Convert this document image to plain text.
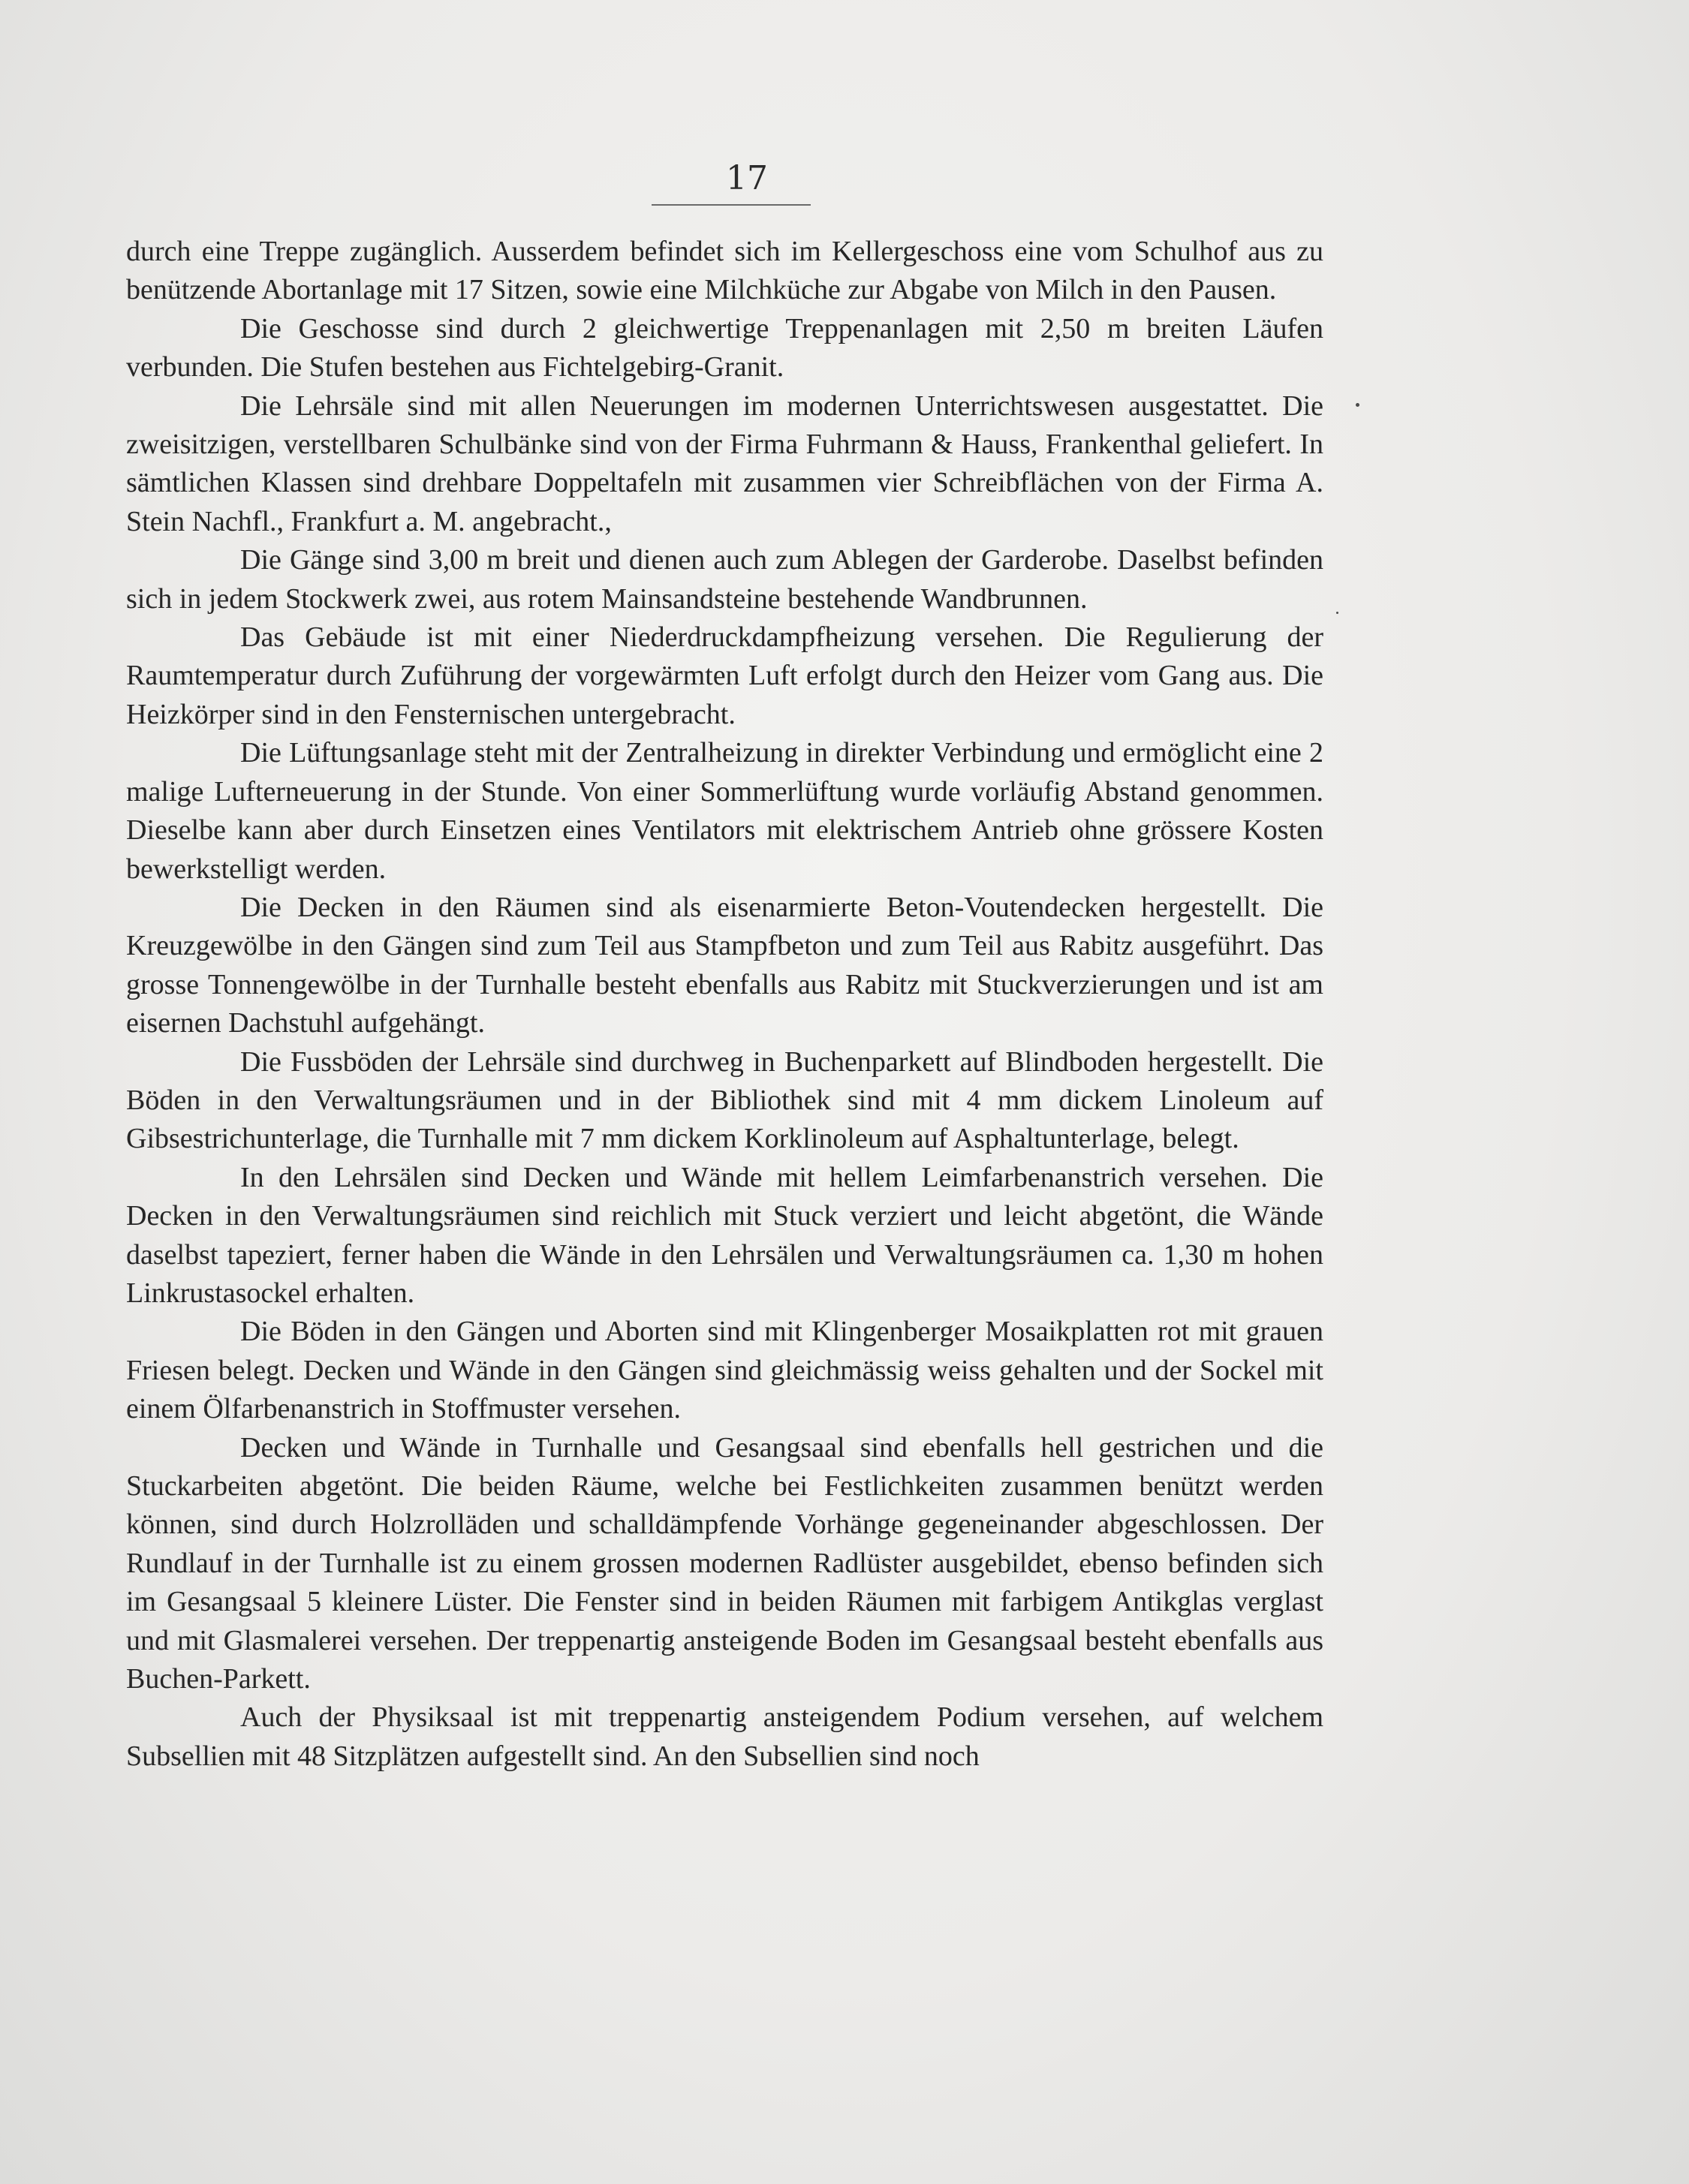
17

durch eine Treppe zugänglich. Ausserdem befindet sich im Kellergeschoss eine vom Schulhof aus zu benützende Abortanlage mit 17 Sitzen, sowie eine Milchküche zur Abgabe von Milch in den Pausen.

Die Geschosse sind durch 2 gleichwertige Treppenanlagen mit 2,50 m breiten Läufen verbunden. Die Stufen bestehen aus Fichtelgebirg-Granit.

Die Lehrsäle sind mit allen Neuerungen im modernen Unterrichtswesen ausgestattet. Die zweisitzigen, verstellbaren Schulbänke sind von der Firma Fuhrmann & Hauss, Frankenthal geliefert. In sämtlichen Klassen sind drehbare Doppeltafeln mit zusammen vier Schreibflächen von der Firma A. Stein Nachfl., Frankfurt a. M. angebracht.,

Die Gänge sind 3,00 m breit und dienen auch zum Ablegen der Garderobe. Daselbst befinden sich in jedem Stockwerk zwei, aus rotem Mainsandsteine bestehende Wandbrunnen.

Das Gebäude ist mit einer Niederdruckdampfheizung versehen. Die Regulierung der Raumtemperatur durch Zuführung der vorgewärmten Luft erfolgt durch den Heizer vom Gang aus. Die Heizkörper sind in den Fensternischen untergebracht.

Die Lüftungsanlage steht mit der Zentralheizung in direkter Verbindung und ermöglicht eine 2 malige Lufterneuerung in der Stunde. Von einer Sommerlüftung wurde vorläufig Abstand genommen. Dieselbe kann aber durch Einsetzen eines Ventilators mit elektrischem Antrieb ohne grössere Kosten bewerkstelligt werden.

Die Decken in den Räumen sind als eisenarmierte Beton-Voutendecken hergestellt. Die Kreuzgewölbe in den Gängen sind zum Teil aus Stampfbeton und zum Teil aus Rabitz ausgeführt. Das grosse Tonnengewölbe in der Turnhalle besteht ebenfalls aus Rabitz mit Stuckverzierungen und ist am eisernen Dachstuhl aufgehängt.

Die Fussböden der Lehrsäle sind durchweg in Buchenparkett auf Blindboden hergestellt. Die Böden in den Verwaltungsräumen und in der Bibliothek sind mit 4 mm dickem Linoleum auf Gibsestrichunterlage, die Turnhalle mit 7 mm dickem Korklinoleum auf Asphaltunterlage, belegt.

In den Lehrsälen sind Decken und Wände mit hellem Leimfarbenanstrich versehen. Die Decken in den Verwaltungsräumen sind reichlich mit Stuck verziert und leicht abgetönt, die Wände daselbst tapeziert, ferner haben die Wände in den Lehrsälen und Verwaltungsräumen ca. 1,30 m hohen Linkrustasockel erhalten.

Die Böden in den Gängen und Aborten sind mit Klingenberger Mosaikplatten rot mit grauen Friesen belegt. Decken und Wände in den Gängen sind gleichmässig weiss gehalten und der Sockel mit einem Ölfarbenanstrich in Stoffmuster versehen.

Decken und Wände in Turnhalle und Gesangsaal sind ebenfalls hell gestrichen und die Stuckarbeiten abgetönt. Die beiden Räume, welche bei Festlichkeiten zusammen benützt werden können, sind durch Holzrolläden und schalldämpfende Vorhänge gegeneinander abgeschlossen. Der Rundlauf in der Turnhalle ist zu einem grossen modernen Radlüster ausgebildet, ebenso befinden sich im Gesangsaal 5 kleinere Lüster. Die Fenster sind in beiden Räumen mit farbigem Antikglas verglast und mit Glasmalerei versehen. Der treppenartig ansteigende Boden im Gesangsaal besteht ebenfalls aus Buchen-Parkett.

Auch der Physiksaal ist mit treppenartig ansteigendem Podium versehen, auf welchem Subsellien mit 48 Sitzplätzen aufgestellt sind. An den Subsellien sind noch
